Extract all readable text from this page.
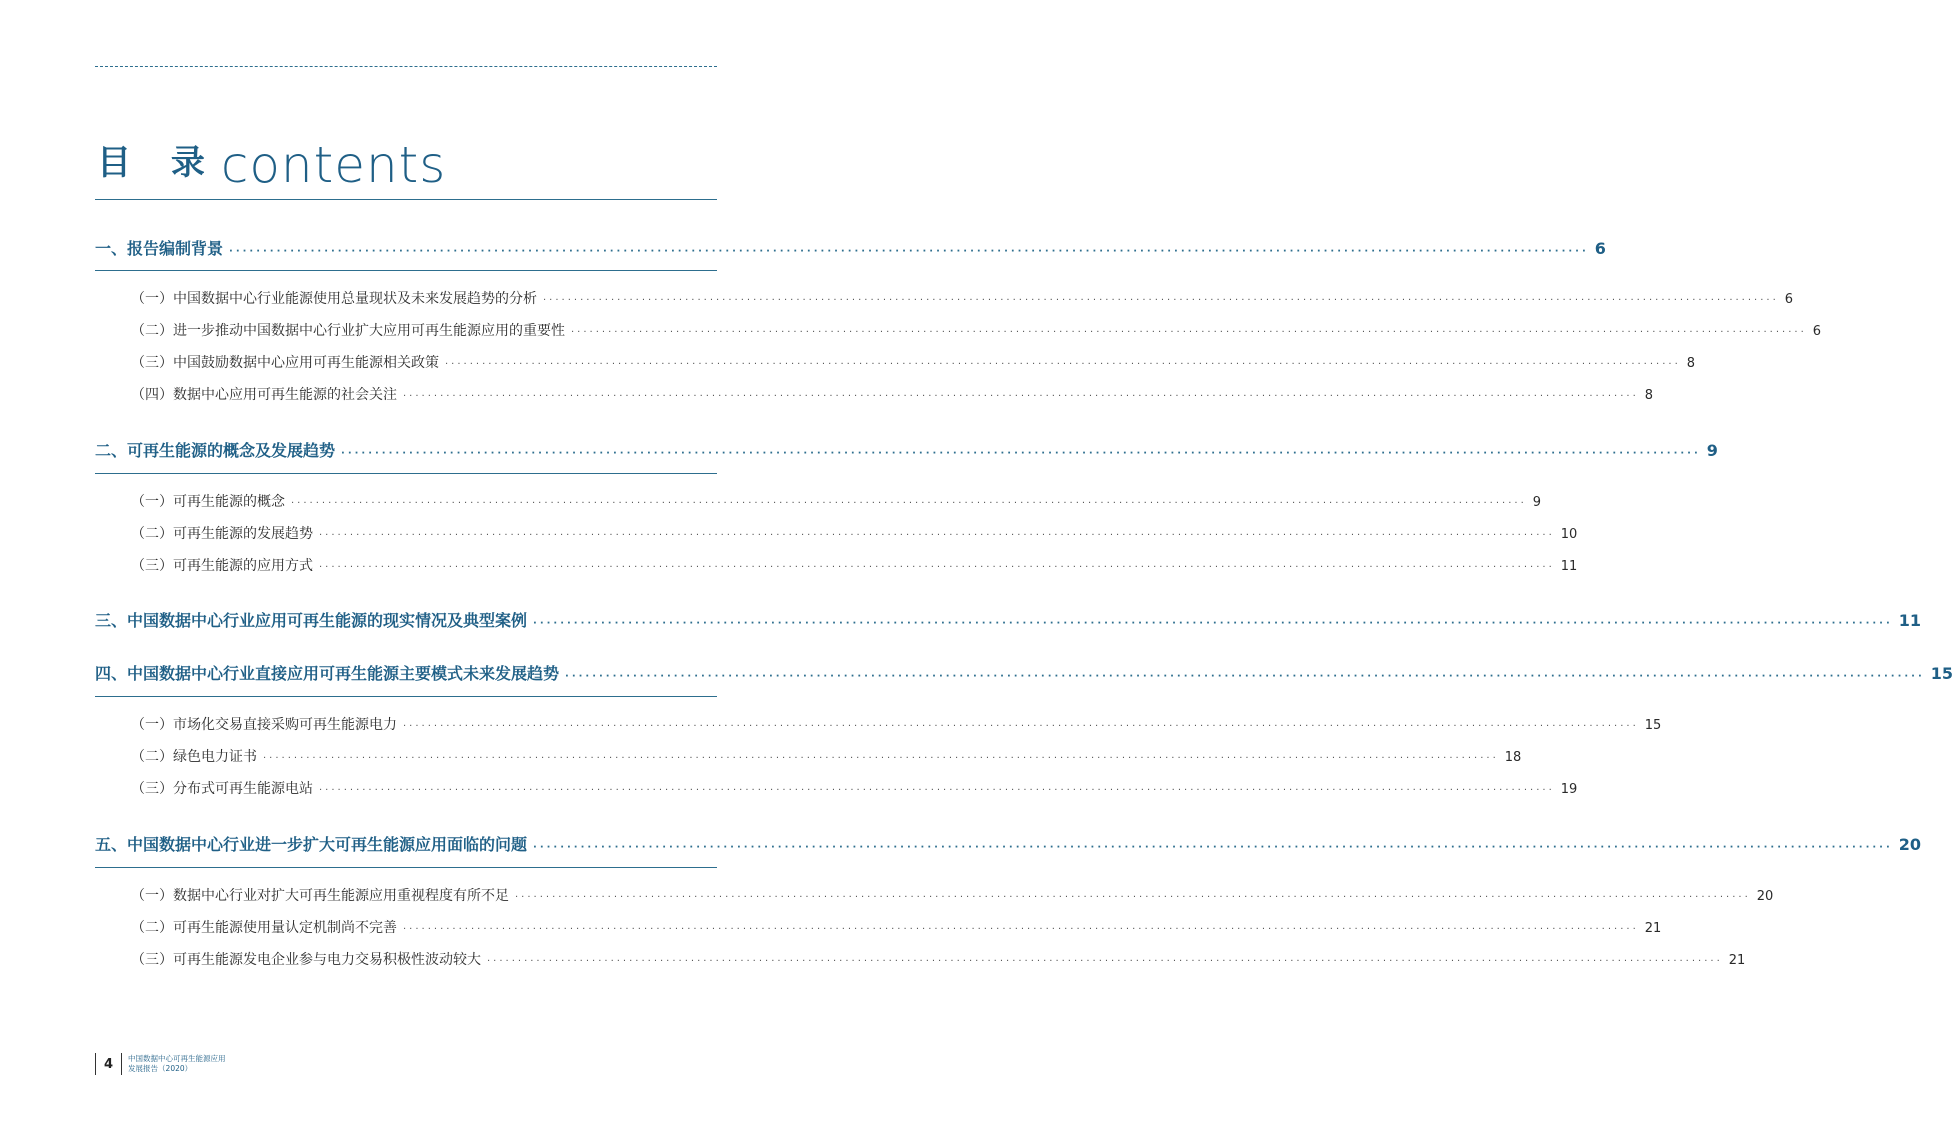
目 录 contents
一、报告编制背景 ········································································································································································································ 6
（一）中国数据中心行业能源使用总量现状及未来发展趋势的分析 ········································································································································································································ 6
（二）进一步推动中国数据中心行业扩大应用可再生能源应用的重要性 ········································································································································································································ 6
（三）中国鼓励数据中心应用可再生能源相关政策 ········································································································································································································ 8
（四）数据中心应用可再生能源的社会关注 ········································································································································································································ 8
二、可再生能源的概念及发展趋势 ········································································································································································································ 9
（一）可再生能源的概念 ········································································································································································································ 9
（二）可再生能源的发展趋势 ········································································································································································································ 10
（三）可再生能源的应用方式 ········································································································································································································ 11
三、中国数据中心行业应用可再生能源的现实情况及典型案例 ········································································································································································································ 11
四、中国数据中心行业直接应用可再生能源主要模式未来发展趋势 ········································································································································································································ 15
（一）市场化交易直接采购可再生能源电力 ········································································································································································································ 15
（二）绿色电力证书 ········································································································································································································ 18
（三）分布式可再生能源电站 ········································································································································································································ 19
五、中国数据中心行业进一步扩大可再生能源应用面临的问题 ········································································································································································································ 20
（一）数据中心行业对扩大可再生能源应用重视程度有所不足 ········································································································································································································ 20
（二）可再生能源使用量认定机制尚不完善 ········································································································································································································ 21
（三）可再生能源发电企业参与电力交易积极性波动较大 ········································································································································································································ 21
4 中国数据中心可再生能源应用
发展报告（2020）
